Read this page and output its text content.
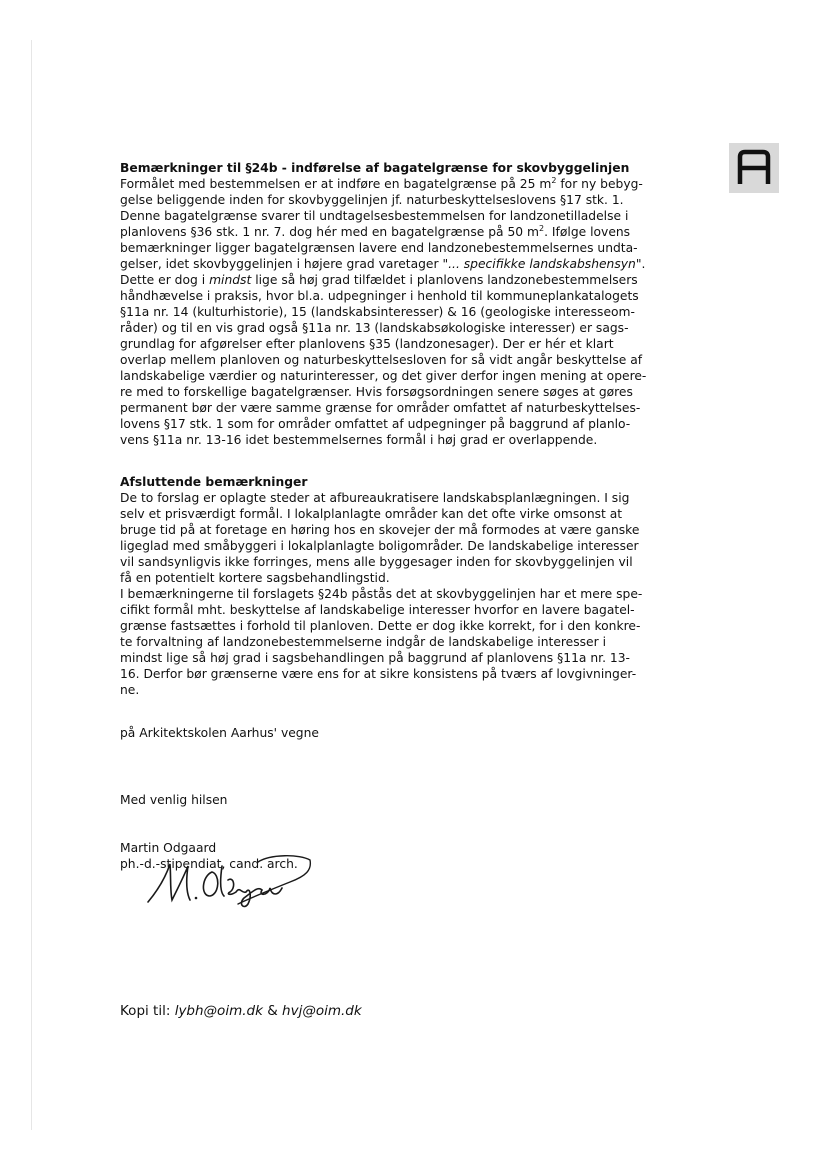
Bemærkninger til §24b - indførelse af bagatelgrænse for skovbyggelinjen
Formålet med bestemmelsen er at indføre en bagatelgrænse på 25 $m^2$ for ny bebyg-
gelse beliggende inden for skovbyggelinjen jf. naturbeskyttelseslovens §17 stk. 1.
Denne bagatelgrænse svarer til undtagelsesbestemmelsen for landzonetilladelse i
planlovens §36 stk. 1 nr. 7. dog hér med en bagatelgrænse på 50 $m^2$. Ifølge lovens
bemærkninger ligger bagatelgrænsen lavere end landzonebestemmelsernes undta-
gelser, idet skovbyggelinjen i højere grad varetager "... specifikke landskabshensyn".
Dette er dog i mindst lige så høj grad tilfældet i planlovens landzonebestemmelsers
håndhævelse i praksis, hvor bl.a. udpegninger i henhold til kommuneplankatalogets
§11a nr. 14 (kulturhistorie), 15 (landskabsinteresser) & 16 (geologiske interesseom-
råder) og til en vis grad også §11a nr. 13 (landskabsøkologiske interesser) er sags-
grundlag for afgørelser efter planlovens §35 (landzonesager). Der er hér et klart
overlap mellem planloven og naturbeskyttelsesloven for så vidt angår beskyttelse af
landskabelige værdier og naturinteresser, og det giver derfor ingen mening at opere-
re med to forskellige bagatelgrænser. Hvis forsøgsordningen senere søges at gøres
permanent bør der være samme grænse for områder omfattet af naturbeskyttelses-
lovens §17 stk. 1 som for områder omfattet af udpegninger på baggrund af planlo-
vens §11a nr. 13-16 idet bestemmelsernes formål i høj grad er overlappende.
Afsluttende bemærkninger
De to forslag er oplagte steder at afbureaukratisere landskabsplanlægningen. I sig
selv et prisværdigt formål. I lokalplanlagte områder kan det ofte virke omsonst at
bruge tid på at foretage en høring hos en skovejer der må formodes at være ganske
ligeglad med småbyggeri i lokalplanlagte boligområder. De landskabelige interesser
vil sandsynligvis ikke forringes, mens alle byggesager inden for skovbyggelinjen vil
få en potentielt kortere sagsbehandlingstid.
I bemærkningerne til forslagets §24b påstås det at skovbyggelinjen har et mere spe-
cifikt formål mht. beskyttelse af landskabelige interesser hvorfor en lavere bagatel-
grænse fastsættes i forhold til planloven. Dette er dog ikke korrekt, for i den konkre-
te forvaltning af landzonebestemmelserne indgår de landskabelige interesser i
mindst lige så høj grad i sagsbehandlingen på baggrund af planlovens §11a nr. 13-
16. Derfor bør grænserne være ens for at sikre konsistens på tværs af lovgivninger-
ne.
på Arkitektskolen Aarhus' vegne
Med venlig hilsen
Martin Odgaard
ph.-d.-stipendiat, cand. arch.
Kopi til: lybh@oim.dk & hvj@oim.dk
